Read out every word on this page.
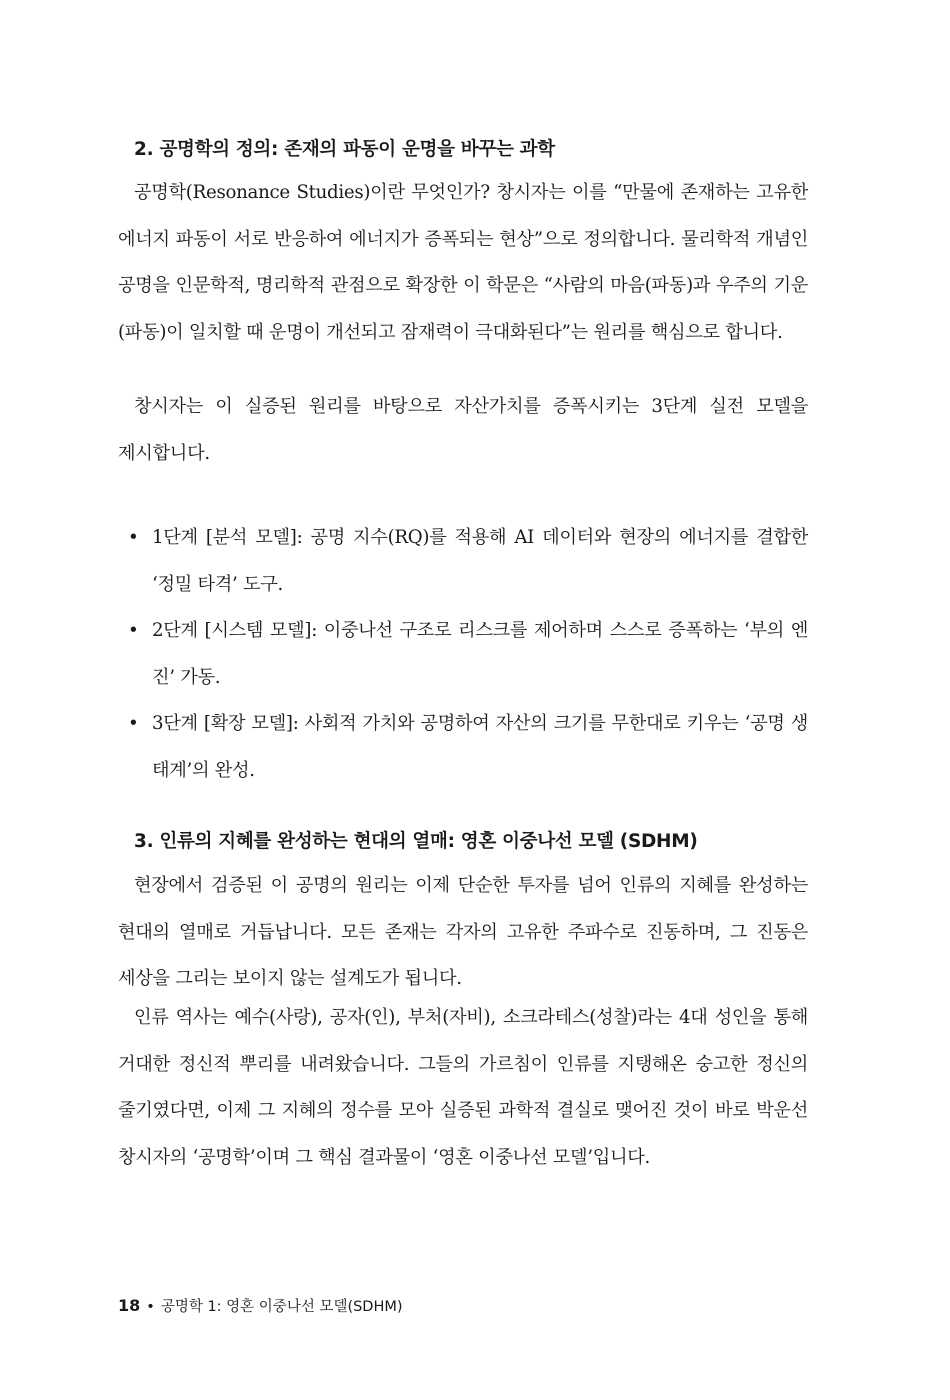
2. 공명학의 정의: 존재의 파동이 운명을 바꾸는 과학

공명학(Resonance Studies)이란 무엇인가? 창시자는 이를 “만물에 존재하는 고유한 에너지 파동이 서로 반응하여 에너지가 증폭되는 현상”으로 정의합니다. 물리학적 개념인 공명을 인문학적, 명리학적 관점으로 확장한 이 학문은 “사람의 마음(파동)과 우주의 기운(파동)이 일치할 때 운명이 개선되고 잠재력이 극대화된다”는 원리를 핵심으로 합니다.

창시자는 이 실증된 원리를 바탕으로 자산가치를 증폭시키는 3단계 실전 모델을 제시합니다.

• 1단계 [분석 모델]: 공명 지수(RQ)를 적용해 AI 데이터와 현장의 에너지를 결합한 ‘정밀 타격’ 도구.
• 2단계 [시스템 모델]: 이중나선 구조로 리스크를 제어하며 스스로 증폭하는 ‘부의 엔진’ 가동.
• 3단계 [확장 모델]: 사회적 가치와 공명하여 자산의 크기를 무한대로 키우는 ‘공명 생태계’의 완성.
3. 인류의 지혜를 완성하는 현대의 열매: 영혼 이중나선 모델 (SDHM)

현장에서 검증된 이 공명의 원리는 이제 단순한 투자를 넘어 인류의 지혜를 완성하는 현대의 열매로 거듭납니다. 모든 존재는 각자의 고유한 주파수로 진동하며, 그 진동은 세상을 그리는 보이지 않는 설계도가 됩니다.

인류 역사는 예수(사랑), 공자(인), 부처(자비), 소크라테스(성찰)라는 4대 성인을 통해 거대한 정신적 뿌리를 내려왔습니다. 그들의 가르침이 인류를 지탱해온 숭고한 정신의 줄기였다면, 이제 그 지혜의 정수를 모아 실증된 과학적 결실로 맺어진 것이 바로 박운선 창시자의 ‘공명학’이며 그 핵심 결과물이 ‘영혼 이중나선 모델’입니다.

18 • 공명학 1: 영혼 이중나선 모델(SDHM)
